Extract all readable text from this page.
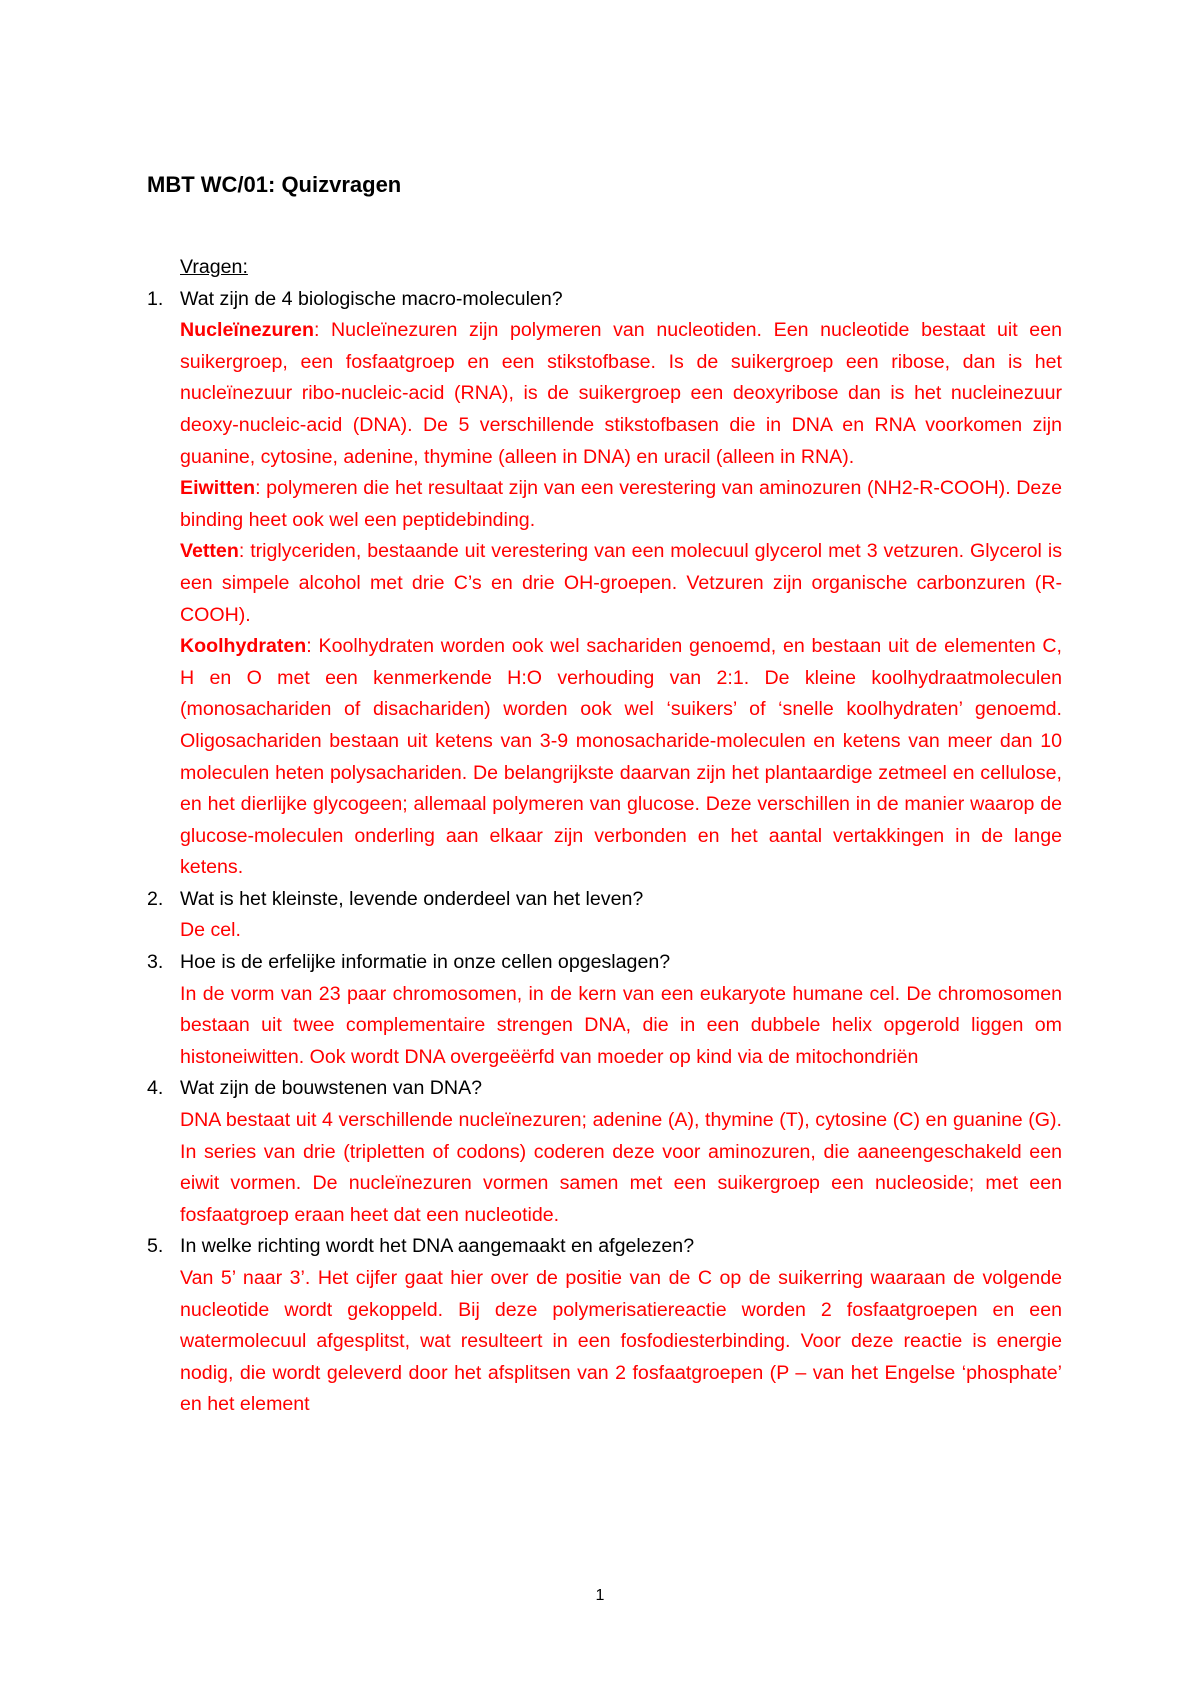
MBT WC/01: Quizvragen
Vragen:
1. Wat zijn de 4 biologische macro-moleculen?
Nucleïnezuren: Nucleïnezuren zijn polymeren van nucleotiden. Een nucleotide bestaat uit een suikergroep, een fosfaatgroep en een stikstofbase. Is de suikergroep een ribose, dan is het nucleïnezuur ribo-nucleic-acid (RNA), is de suikergroep een deoxyribose dan is het nucleinezuur deoxy-nucleic-acid (DNA). De 5 verschillende stikstofbasen die in DNA en RNA voorkomen zijn guanine, cytosine, adenine, thymine (alleen in DNA) en uracil (alleen in RNA).
Eiwitten: polymeren die het resultaat zijn van een verestering van aminozuren (NH2-R-COOH). Deze binding heet ook wel een peptidebinding.
Vetten: triglyceriden, bestaande uit verestering van een molecuul glycerol met 3 vetzuren. Glycerol is een simpele alcohol met drie C’s en drie OH-groepen. Vetzuren zijn organische carbonzuren (R-COOH).
Koolhydraten: Koolhydraten worden ook wel sachariden genoemd, en bestaan uit de elementen C, H en O met een kenmerkende H:O verhouding van 2:1. De kleine koolhydraatmoleculen (monosachariden of disachariden) worden ook wel ‘suikers’ of ‘snelle koolhydraten’ genoemd. Oligosachariden bestaan uit ketens van 3-9 monosacharide-moleculen en ketens van meer dan 10 moleculen heten polysachariden. De belangrijkste daarvan zijn het plantaardige zetmeel en cellulose, en het dierlijke glycogeen; allemaal polymeren van glucose. Deze verschillen in de manier waarop de glucose-moleculen onderling aan elkaar zijn verbonden en het aantal vertakkingen in de lange ketens.
2. Wat is het kleinste, levende onderdeel van het leven?
De cel.
3. Hoe is de erfelijke informatie in onze cellen opgeslagen?
In de vorm van 23 paar chromosomen, in de kern van een eukaryote humane cel. De chromosomen bestaan uit twee complementaire strengen DNA, die in een dubbele helix opgerold liggen om histoneiwitten. Ook wordt DNA overgeëërfd van moeder op kind via de mitochondriën
4. Wat zijn de bouwstenen van DNA?
DNA bestaat uit 4 verschillende nucleïnezuren; adenine (A), thymine (T), cytosine (C) en guanine (G). In series van drie (tripletten of codons) coderen deze voor aminozuren, die aaneengeschakeld een eiwit vormen. De nucleïnezuren vormen samen met een suikergroep een nucleoside; met een fosfaatgroep eraan heet dat een nucleotide.
5. In welke richting wordt het DNA aangemaakt en afgelezen?
Van 5’ naar 3’. Het cijfer gaat hier over de positie van de C op de suikerring waaraan de volgende nucleotide wordt gekoppeld. Bij deze polymerisatiereactie worden 2 fosfaatgroepen en een watermolecuul afgesplitst, wat resulteert in een fosfodiesterbinding. Voor deze reactie is energie nodig, die wordt geleverd door het afsplitsen van 2 fosfaatgroepen (P – van het Engelse ‘phosphate’ en het element
1
